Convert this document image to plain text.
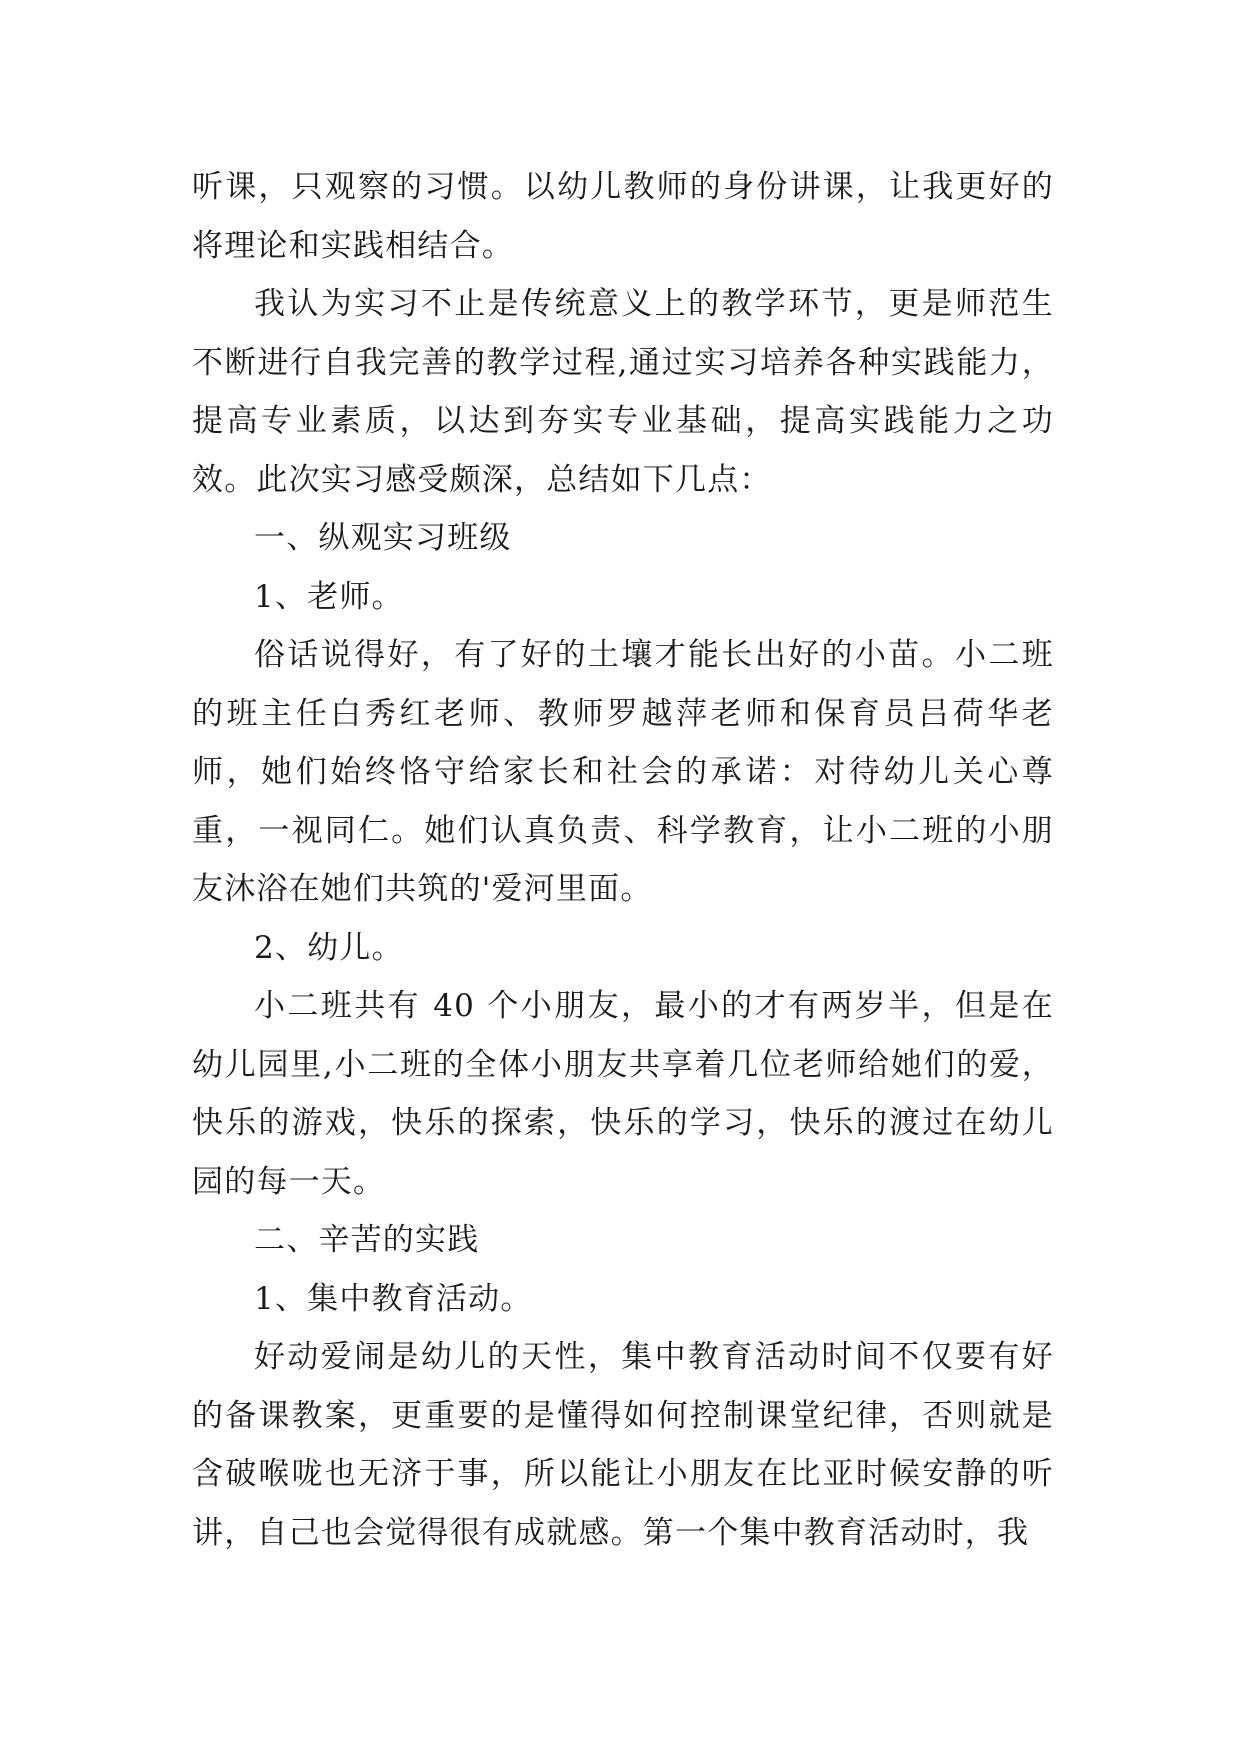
听课，只观察的习惯。以幼儿教师的身份讲课，让我更好的将理论和实践相结合。

我认为实习不止是传统意义上的教学环节，更是师范生不断进行自我完善的教学过程,通过实习培养各种实践能力，提高专业素质，以达到夯实专业基础，提高实践能力之功效。此次实习感受颇深，总结如下几点：

一、纵观实习班级

1、老师。

俗话说得好，有了好的土壤才能长出好的小苗。小二班的班主任白秀红老师、教师罗越萍老师和保育员吕荷华老师，她们始终恪守给家长和社会的承诺：对待幼儿关心尊重，一视同仁。她们认真负责、科学教育，让小二班的小朋友沐浴在她们共筑的'爱河里面。

2、幼儿。

小二班共有 40 个小朋友，最小的才有两岁半，但是在幼儿园里,小二班的全体小朋友共享着几位老师给她们的爱，快乐的游戏，快乐的探索，快乐的学习，快乐的渡过在幼儿园的每一天。

二、辛苦的实践

1、集中教育活动。

好动爱闹是幼儿的天性，集中教育活动时间不仅要有好的备课教案，更重要的是懂得如何控制课堂纪律，否则就是含破喉咙也无济于事，所以能让小朋友在比亚时候安静的听讲，自己也会觉得很有成就感。第一个集中教育活动时，我
